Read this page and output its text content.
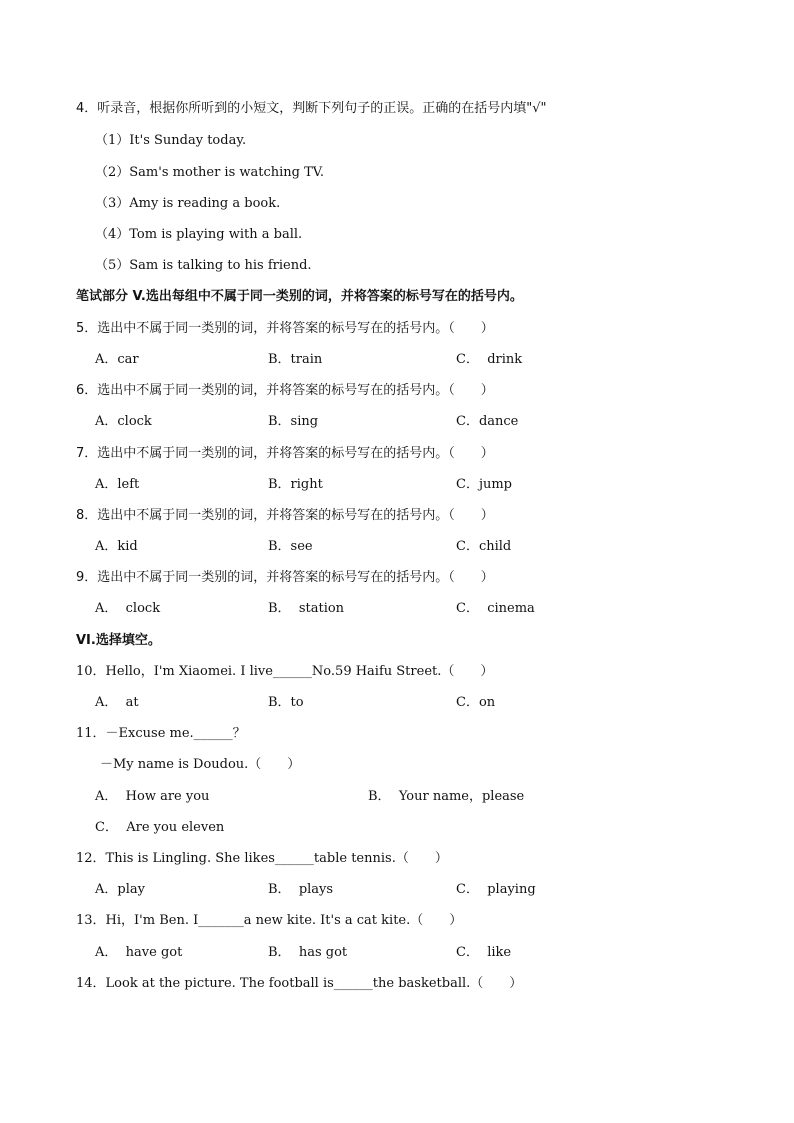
4．听录音，根据你所听到的小短文，判断下列句子的正误。正确的在括号内填"√"
（1）It's Sunday today.
（2）Sam's mother is watching TV.
（3）Amy is reading a book.
（4）Tom is playing with a ball.
（5）Sam is talking to his friend.
笔试部分 V.选出每组中不属于同一类别的词，并将答案的标号写在的括号内。
5．选出中不属于同一类别的词，并将答案的标号写在的括号内。（　　）
A．car	B．train	C．  drink
6．选出中不属于同一类别的词，并将答案的标号写在的括号内。（　　）
A．clock	B．sing	C．dance
7．选出中不属于同一类别的词，并将答案的标号写在的括号内。（　　）
A．left	B．right	C．jump
8．选出中不属于同一类别的词，并将答案的标号写在的括号内。（　　）
A．kid	B．see	C．child
9．选出中不属于同一类别的词，并将答案的标号写在的括号内。（　　）
A．  clock	B．  station	C．  cinema
VI.选择填空。
10．Hello，I'm Xiaomei. I live______No.59 Haifu Street.（　　）
A．  at	B．to	C．on
11．－Excuse me.______？
－My name is Doudou.（　　）
A．  How are you	B．  Your name，please
C．  Are you eleven
12．This is Lingling. She likes______table tennis.（　　）
A．play	B．  plays	C．  playing
13．Hi，I'm Ben. I_______a new kite. It's a cat kite.（　　）
A．  have got	B．  has got	C．  like
14．Look at the picture. The football is______the basketball.（　　）
